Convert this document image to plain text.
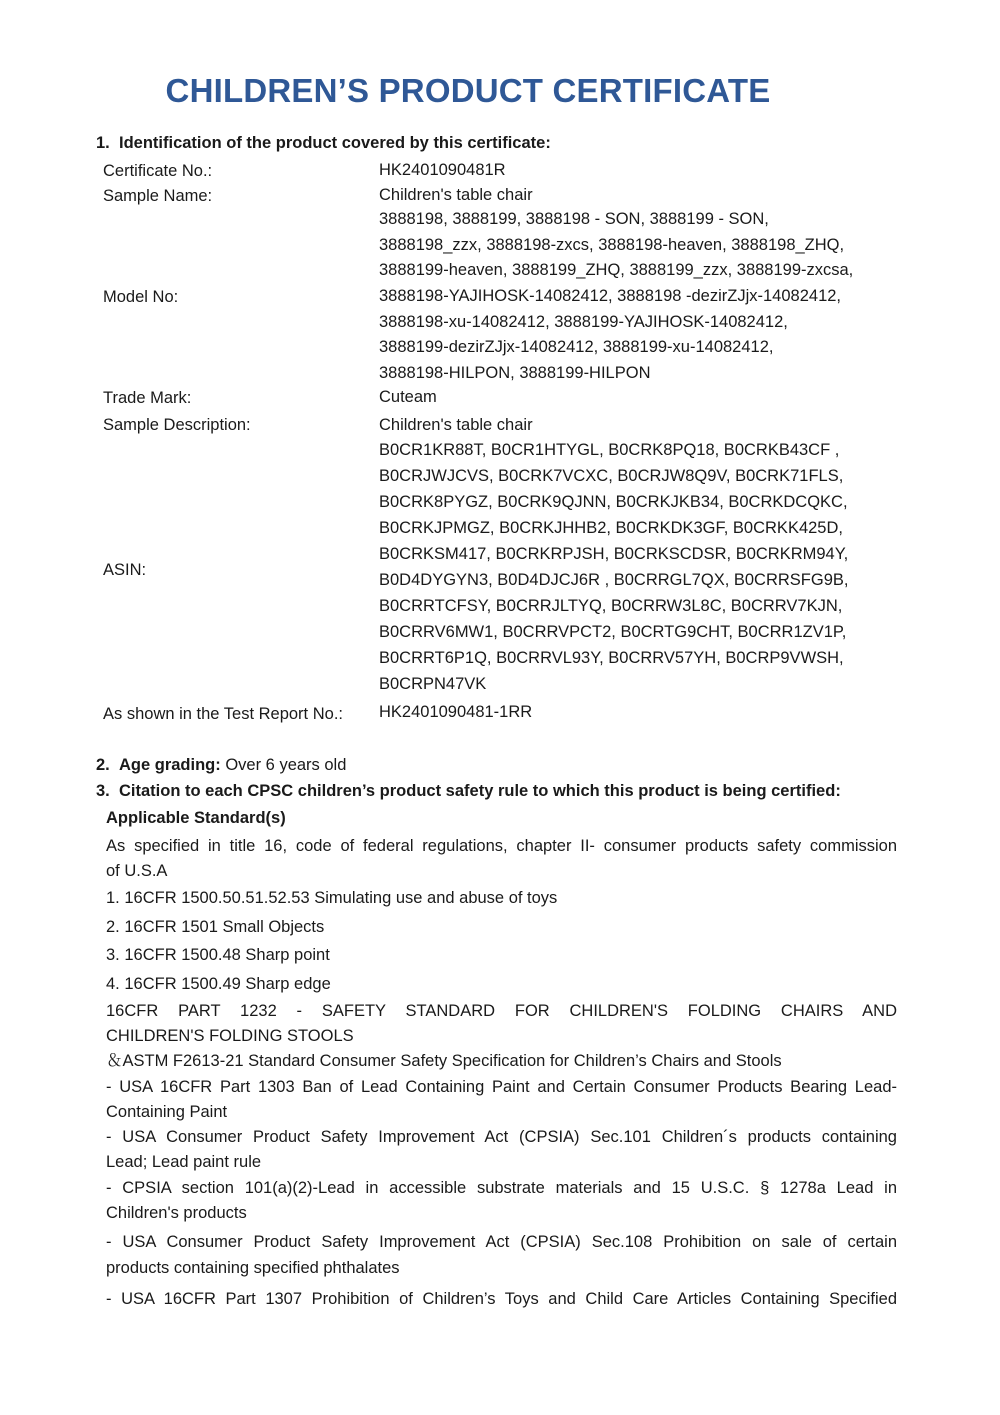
CHILDREN’S PRODUCT CERTIFICATE
1. Identification of the product covered by this certificate:
Certificate No.:	HK2401090481R
Sample Name:	Children's table chair
Model No:
3888198, 3888199, 3888198 - SON, 3888199 - SON,
3888198_zzx, 3888198-zxcs, 3888198-heaven, 3888198_ZHQ,
3888199-heaven, 3888199_ZHQ, 3888199_zzx, 3888199-zxcsa,
3888198-YAJIHOSK-14082412, 3888198 -dezirZJjx-14082412,
3888198-xu-14082412, 3888199-YAJIHOSK-14082412,
3888199-dezirZJjx-14082412, 3888199-xu-14082412,
3888198-HILPON, 3888199-HILPON
Trade Mark:	Cuteam
Sample Description:	Children's table chair
ASIN:
B0CR1KR88T, B0CR1HTYGL, B0CRK8PQ18, B0CRKB43CF ,
B0CRJWJCVS, B0CRK7VCXC, B0CRJW8Q9V, B0CRK71FLS,
B0CRK8PYGZ, B0CRK9QJNN, B0CRKJKB34, B0CRKDCQKC,
B0CRKJPMGZ, B0CRKJHHB2, B0CRKDK3GF, B0CRKK425D,
B0CRKSM417, B0CRKRPJSH, B0CRKSCDSR, B0CRKRM94Y,
B0D4DYGYN3, B0D4DJCJ6R , B0CRRGL7QX, B0CRRSFG9B,
B0CRRTCFSY, B0CRRJLTYQ, B0CRRW3L8C, B0CRRV7KJN,
B0CRRV6MW1, B0CRRVPCT2, B0CRTG9CHT, B0CRR1ZV1P,
B0CRRT6P1Q, B0CRRVL93Y, B0CRRV57YH, B0CRP9VWSH,
B0CRPN47VK
As shown in the Test Report No.: HK2401090481-1RR
2. Age grading: Over 6 years old
3. Citation to each CPSC children’s product safety rule to which this product is being certified:
Applicable Standard(s)
As specified in title 16, code of federal regulations, chapter II- consumer products safety commission
of U.S.A
1. 16CFR 1500.50.51.52.53 Simulating use and abuse of toys
2. 16CFR 1501 Small Objects
3. 16CFR 1500.48 Sharp point
4. 16CFR 1500.49 Sharp edge
16CFR PART 1232 - SAFETY STANDARD FOR CHILDREN'S FOLDING CHAIRS AND
CHILDREN'S FOLDING STOOLS
＆ASTM F2613-21 Standard Consumer Safety Specification for Children’s Chairs and Stools
- USA 16CFR Part 1303 Ban of Lead Containing Paint and Certain Consumer Products Bearing Lead-
Containing Paint
- USA Consumer Product Safety Improvement Act (CPSIA) Sec.101 Children´s products containing
Lead; Lead paint rule
- CPSIA section 101(a)(2)-Lead in accessible substrate materials and 15 U.S.C. § 1278a Lead in
Children's products
- USA Consumer Product Safety Improvement Act (CPSIA) Sec.108 Prohibition on sale of certain
products containing specified phthalates
- USA 16CFR Part 1307 Prohibition of Children’s Toys and Child Care Articles Containing Specified
